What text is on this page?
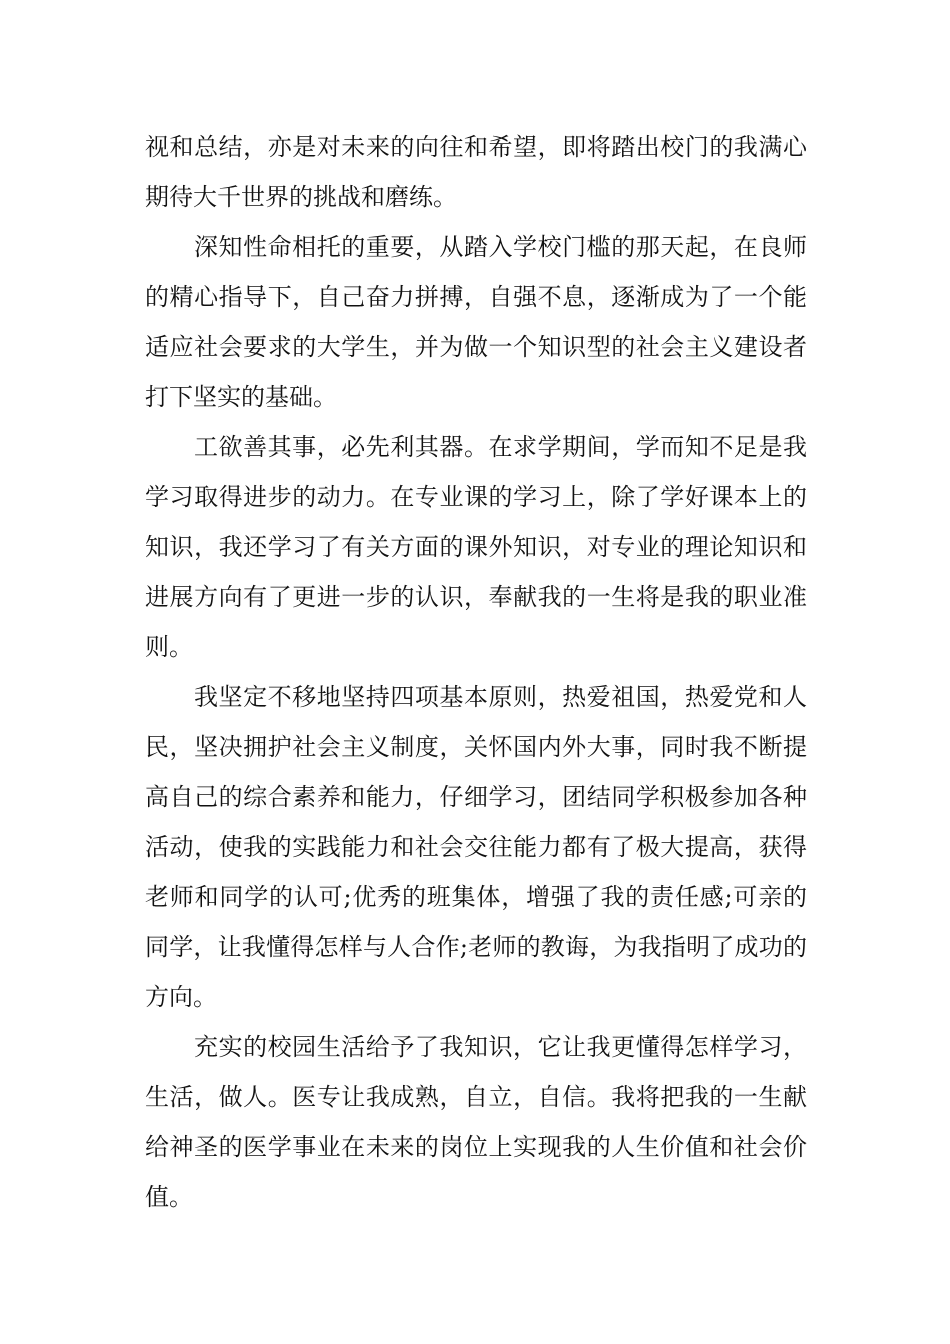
视和总结，亦是对未来的向往和希望，即将踏出校门的我满心期待大千世界的挑战和磨练。

深知性命相托的重要，从踏入学校门槛的那天起，在良师的精心指导下，自己奋力拼搏，自强不息，逐渐成为了一个能适应社会要求的大学生，并为做一个知识型的社会主义建设者打下坚实的基础。

工欲善其事，必先利其器。在求学期间，学而知不足是我学习取得进步的动力。在专业课的学习上，除了学好课本上的知识，我还学习了有关方面的课外知识，对专业的理论知识和进展方向有了更进一步的认识，奉献我的一生将是我的职业准则。

我坚定不移地坚持四项基本原则，热爱祖国，热爱党和人民，坚决拥护社会主义制度，关怀国内外大事，同时我不断提高自己的综合素养和能力，仔细学习，团结同学积极参加各种活动，使我的实践能力和社会交往能力都有了极大提高，获得老师和同学的认可;优秀的班集体，增强了我的责任感;可亲的同学，让我懂得怎样与人合作;老师的教诲，为我指明了成功的方向。

充实的校园生活给予了我知识，它让我更懂得怎样学习，生活，做人。医专让我成熟，自立，自信。我将把我的一生献给神圣的医学事业在未来的岗位上实现我的人生价值和社会价值。
